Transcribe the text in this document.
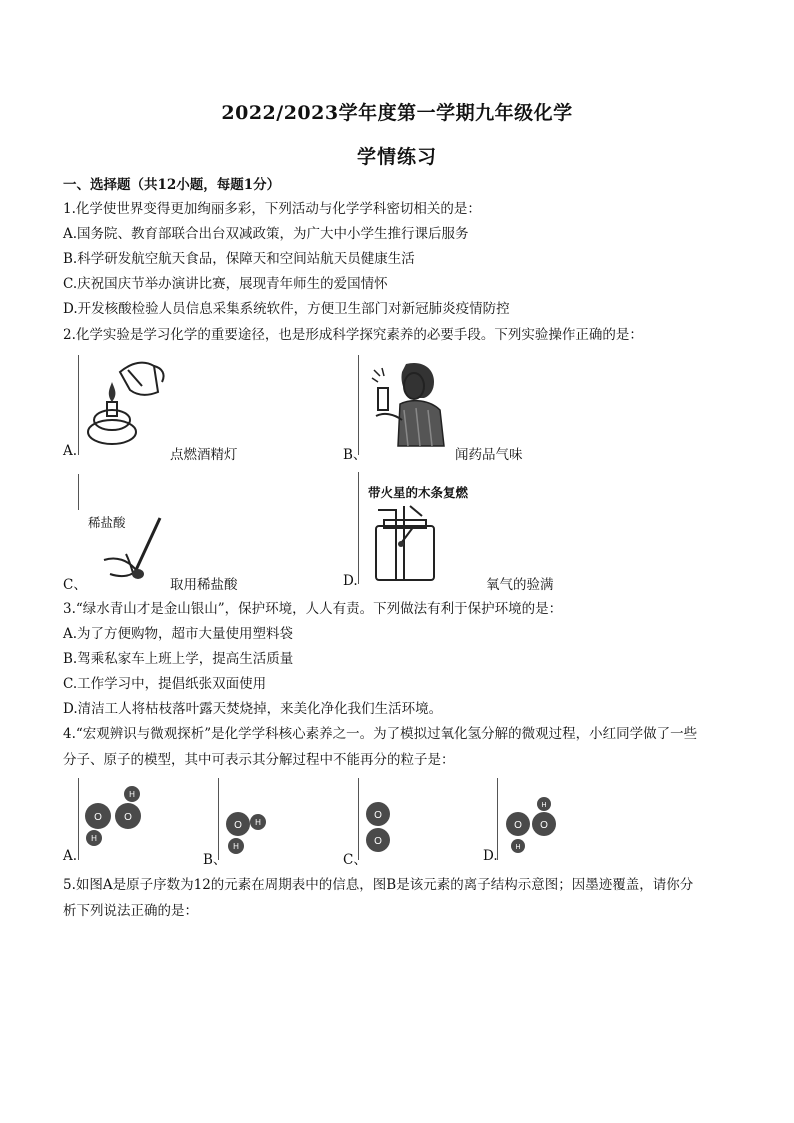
2022/2023学年度第一学期九年级化学
学情练习
一、选择题（共12小题，每题1分）
1.化学使世界变得更加绚丽多彩，下列活动与化学学科密切相关的是：
A.国务院、教育部联合出台双减政策，为广大中小学生推行课后服务
B.科学研发航空航天食品，保障天和空间站航天员健康生活
C.庆祝国庆节举办演讲比赛，展现青年师生的爱国情怀
D.开发核酸检验人员信息采集系统软件，方便卫生部门对新冠肺炎疫情防控
2.化学实验是学习化学的重要途径，也是形成科学探究素养的必要手段。下列实验操作正确的是：
A.	点燃酒精灯	B、	闻药品气味
稀盐酸
C、	取用稀盐酸
带火星的木条复燃
D.	氧气的验满
3.“绿水青山才是金山银山”，保护环境，人人有责。下列做法有利于保护环境的是：
A.为了方便购物，超市大量使用塑料袋
B.驾乘私家车上班上学，提高生活质量
C.工作学习中，提倡纸张双面使用
D.清洁工人将枯枝落叶露天焚烧掉，来美化净化我们生活环境。
4.“宏观辨识与微观探析”是化学学科核心素养之一。为了模拟过氧化氢分解的微观过程，小红同学做了一些
分子、原子的模型，其中可表示其分解过程中不能再分的粒子是：
O O
H
H
A.
O H
H
B、
O
O
C、
O O
H
H
D.
5.如图A是原子序数为12的元素在周期表中的信息，图B是该元素的离子结构示意图；因墨迹覆盖，请你分
析下列说法正确的是：
